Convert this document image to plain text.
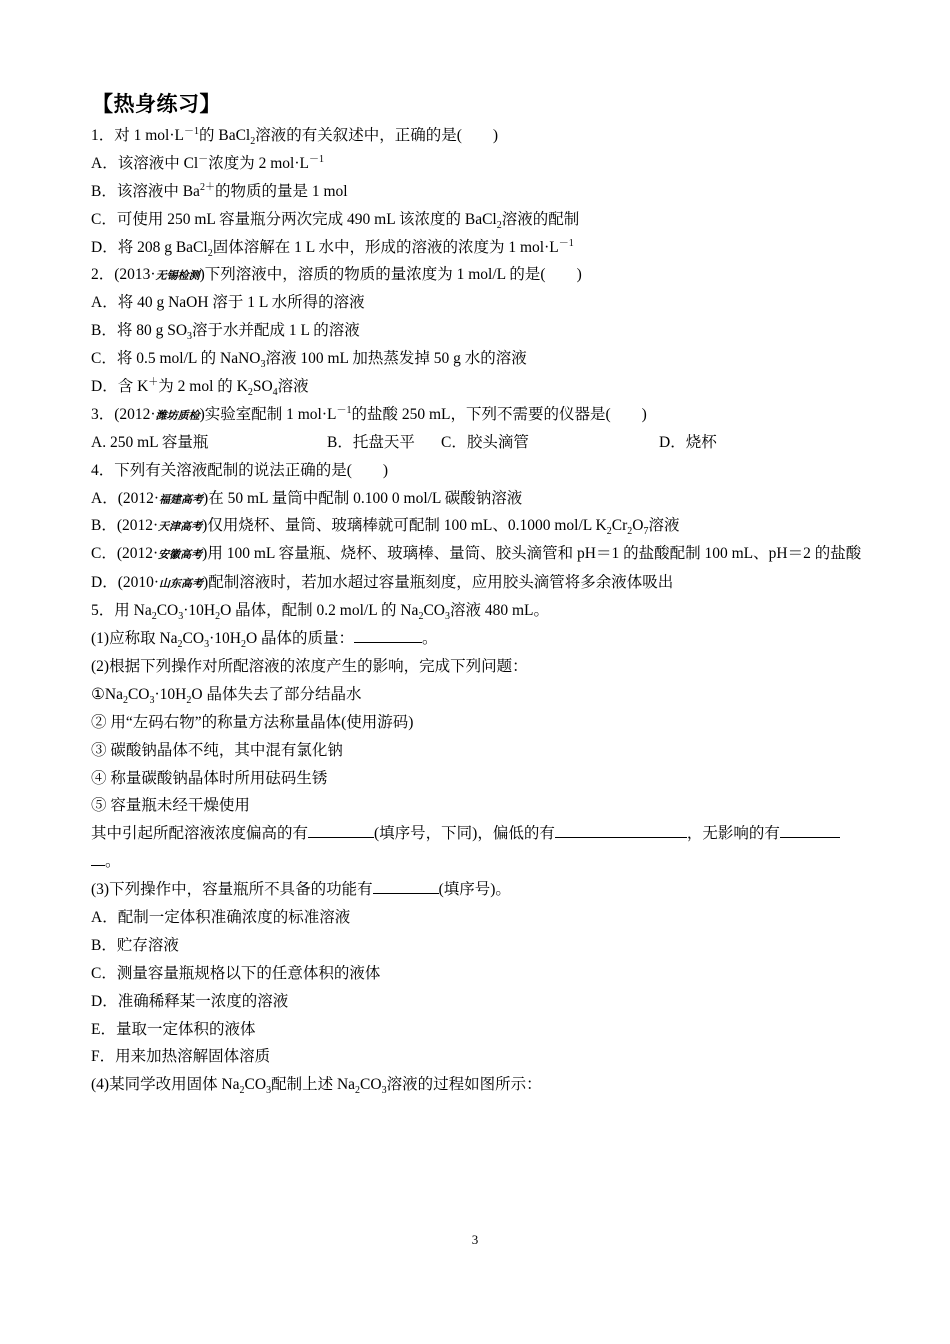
【热身练习】
1．对 1 $mol\cdot L^{-1}$的 BaCl$_2$溶液的有关叙述中，正确的是(　　)
A．该溶液中 Cl－浓度为 2 $mol\cdot L^{-1}$
B．该溶液中 $Ba^{2+}$的物质的量是 1 mol
C．可使用 250 mL 容量瓶分两次完成 490 mL 该浓度的 BaCl$_2$溶液的配制
D．将 208 g BaCl$_2$固体溶解在 1 L 水中，形成的溶液的浓度为 1 $mol\cdot L^{-1}$
2．(2013·无锡检测)下列溶液中，溶质的物质的量浓度为 1 mol/L 的是(　　)
A．将 40 g NaOH 溶于 1 L 水所得的溶液
B．将 80 g $SO_3$溶于水并配成 1 L 的溶液
C．将 0.5 mol/L 的 NaNO$_3$溶液 100 mL 加热蒸发掉 50 g 水的溶液
D．含 K＋为 2 mol 的 $K_2SO_4$溶液
3．(2012·潍坊质检)实验室配制 1 $mol\cdot L^{-1}$的盐酸 250 mL，下列不需要的仪器是(　　)
A. 250 mL 容量瓶	B．托盘天平 C．胶头滴管	D．烧杯
4．下列有关溶液配制的说法正确的是(　　)
A．(2012·福建高考)在 50 mL 量筒中配制 0.100 0 mol/L 碳酸钠溶液
B．(2012·天津高考)仅用烧杯、量筒、玻璃棒就可配制 100 mL、0.1000 mol/L $K_2Cr_2O_7$溶液
C．(2012·安徽高考)用 100 mL 容量瓶、烧杯、玻璃棒、量筒、胶头滴管和 pH＝1 的盐酸配制 100 mL、pH＝2 的盐酸
D．(2010·山东高考)配制溶液时，若加水超过容量瓶刻度，应用胶头滴管将多余液体吸出
5．用 $Na_2CO_3\cdot 10H_2O$ 晶体，配制 0.2 mol/L 的 $Na_2CO_3$溶液 480 mL。
(1)应称取 $Na_2CO_3\cdot 10H_2O$ 晶体的质量：	。
(2)根据下列操作对所配溶液的浓度产生的影响，完成下列问题：
$①Na_2CO_3\cdot 10H_2O$ 晶体失去了部分结晶水
② 用“左码右物”的称量方法称量晶体(使用游码)
③ 碳酸钠晶体不纯，其中混有氯化钠
④ 称量碳酸钠晶体时所用砝码生锈
⑤ 容量瓶未经干燥使用
其中引起所配溶液浓度偏高的有	(填序号，下同)，偏低的有	，无影响的有
。
(3)下列操作中，容量瓶所不具备的功能有	(填序号)。
A．配制一定体积准确浓度的标准溶液
B．贮存溶液
C．测量容量瓶规格以下的任意体积的液体
D．准确稀释某一浓度的溶液
E．量取一定体积的液体
F．用来加热溶解固体溶质
(4)某同学改用固体 $Na_2CO_3$配制上述 $Na_2CO_3$溶液的过程如图所示：
3
